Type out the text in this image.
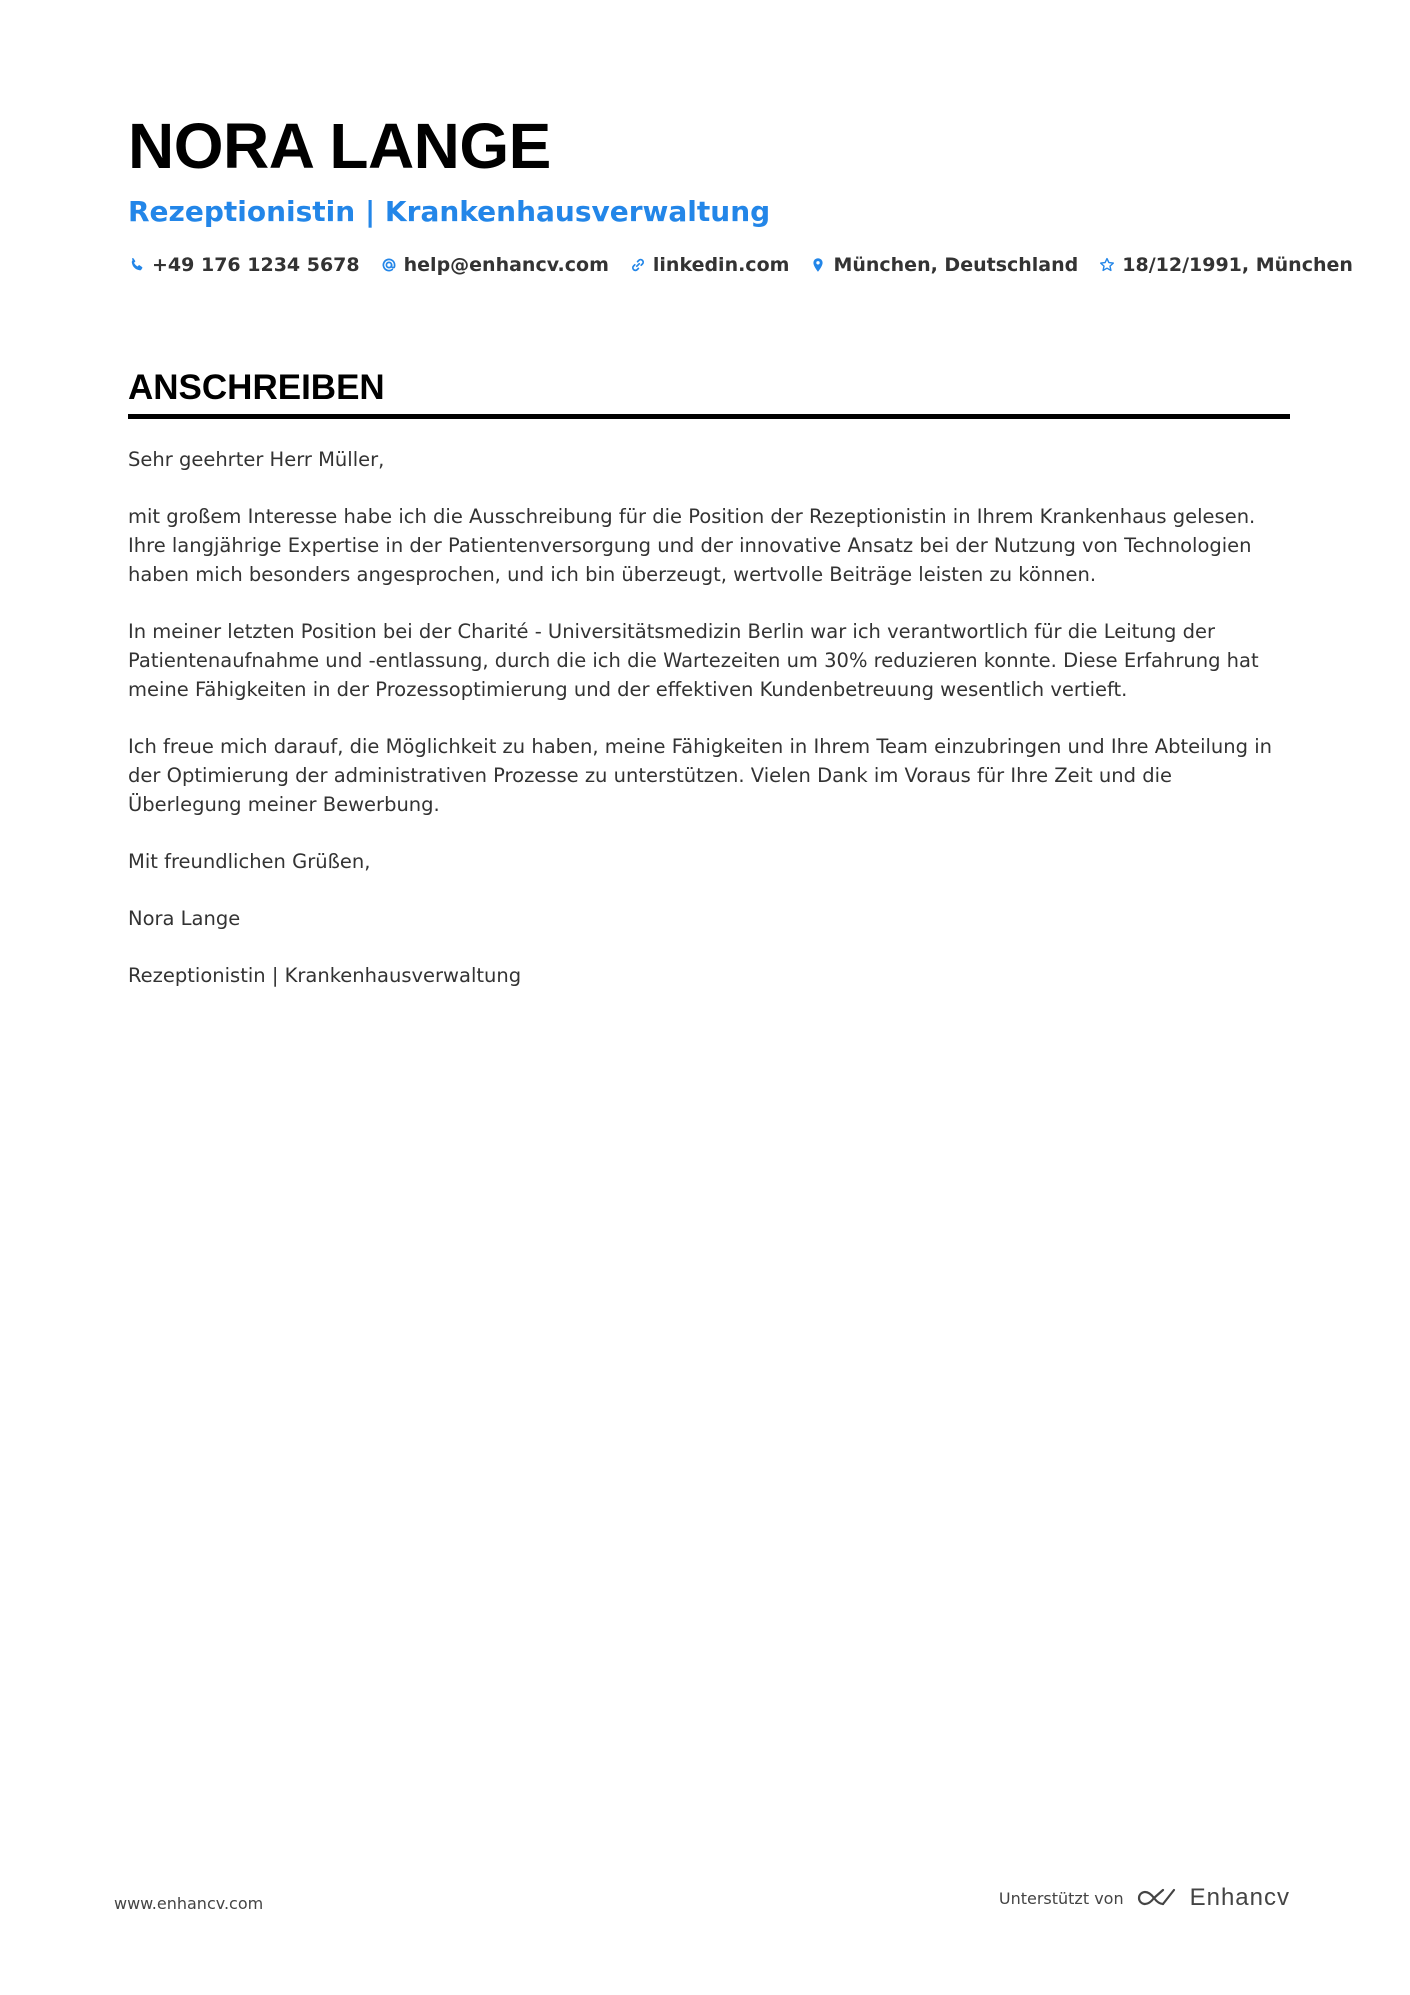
NORA LANGE
Rezeptionistin | Krankenhausverwaltung
+49 176 1234 5678 help@enhancv.com linkedin.com München, Deutschland 18/12/1991, München
ANSCHREIBEN

Sehr geehrter Herr Müller,

mit großem Interesse habe ich die Ausschreibung für die Position der Rezeptionistin in Ihrem Krankenhaus gelesen. Ihre langjährige Expertise in der Patientenversorgung und der innovative Ansatz bei der Nutzung von Technologien haben mich besonders angesprochen, und ich bin überzeugt, wertvolle Beiträge leisten zu können.

In meiner letzten Position bei der Charité - Universitätsmedizin Berlin war ich verantwortlich für die Leitung der Patientenaufnahme und -entlassung, durch die ich die Wartezeiten um 30% reduzieren konnte. Diese Erfahrung hat meine Fähigkeiten in der Prozessoptimierung und der effektiven Kundenbetreuung wesentlich vertieft.

Ich freue mich darauf, die Möglichkeit zu haben, meine Fähigkeiten in Ihrem Team einzubringen und Ihre Abteilung in der Optimierung der administrativen Prozesse zu unterstützen. Vielen Dank im Voraus für Ihre Zeit und die Überlegung meiner Bewerbung.

Mit freundlichen Grüßen,

Nora Lange

Rezeptionistin | Krankenhausverwaltung

www.enhancv.com	Unterstützt von	Enhancv
